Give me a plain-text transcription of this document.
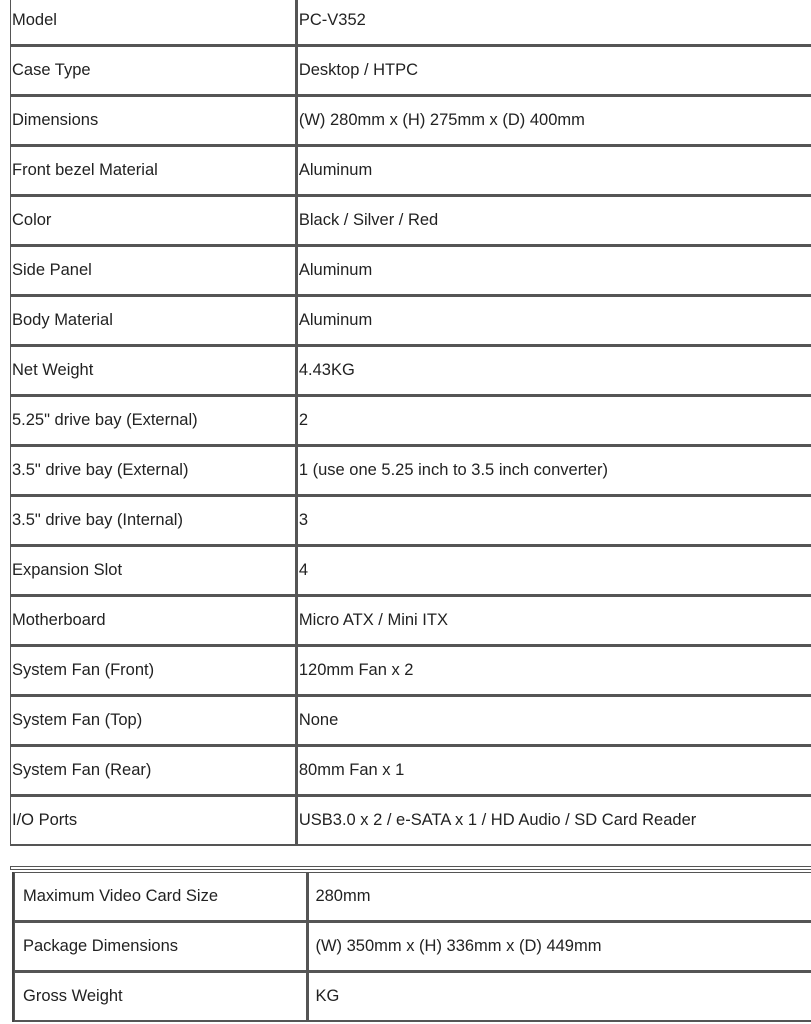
Model	PC-V352
Case Type	Desktop / HTPC
Dimensions	(W) 280mm x (H) 275mm x (D) 400mm
Front bezel Material	Aluminum
Color	Black / Silver / Red
Side Panel	Aluminum
Body Material	Aluminum
Net Weight	4.43KG
5.25" drive bay (External)	2
3.5" drive bay (External)	1 (use one 5.25 inch to 3.5 inch converter)
3.5" drive bay (Internal)	3
Expansion Slot	4
Motherboard	Micro ATX / Mini ITX
System Fan (Front)	120mm Fan x 2
System Fan (Top)	None
System Fan (Rear)	80mm Fan x 1
I/O Ports	USB3.0 x 2 / e-SATA x 1 / HD Audio / SD Card Reader
Maximum Video Card Size	280mm
Package Dimensions	(W) 350mm x (H) 336mm x (D) 449mm
Gross Weight	KG
